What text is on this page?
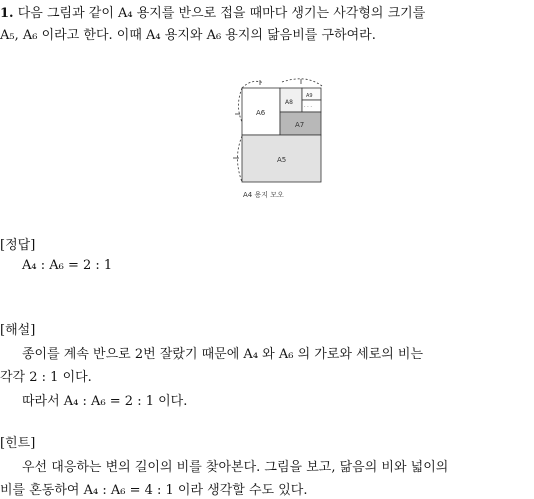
1. 다음 그림과 같이 A₄ 용지를 반으로 접을 때마다 생기는 사각형의 크기를
A₅, A₆ 이라고 한다. 이때 A₄ 용지와 A₆ 용지의 닮음비를 구하여라.
A6
A8
A9
· · ·
A7
A5
A4 용지 모오
[정답]
A₄ : A₆ = 2 : 1
[해설]
종이를 계속 반으로 2번 잘랐기 때문에 A₄ 와 A₆ 의 가로와 세로의 비는
각각 2 : 1 이다.
따라서 A₄ : A₆ = 2 : 1 이다.
[힌트]
우선 대응하는 변의 길이의 비를 찾아본다. 그림을 보고, 닮음의 비와 넓이의
비를 혼동하여 A₄ : A₆ = 4 : 1 이라 생각할 수도 있다.
